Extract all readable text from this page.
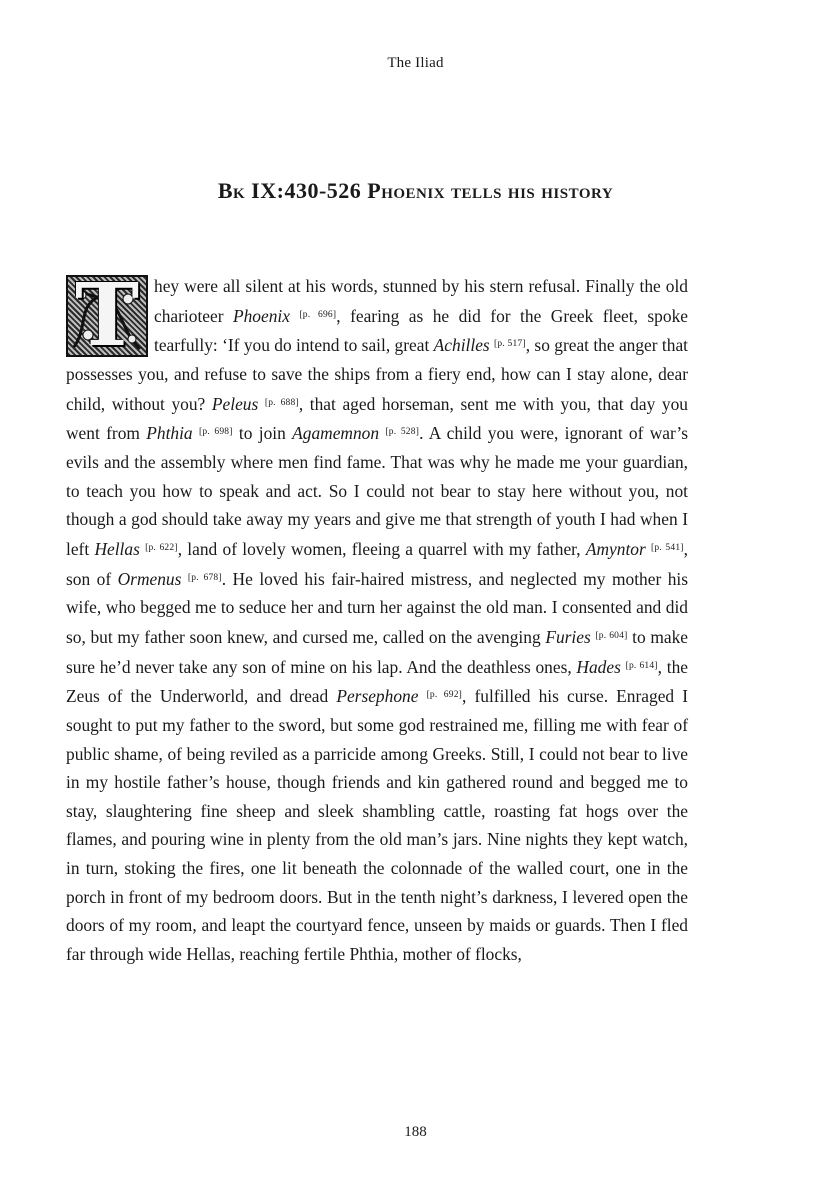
The Iliad
Bk IX:430-526 Phoenix tells his history

T hey were all silent at his words, stunned by his stern refusal. Finally the old charioteer Phoenix [p. 696], fearing as he did for the Greek fleet, spoke tearfully: ‘If you do intend to sail, great Achilles [p. 517], so great the anger that possesses you, and refuse to save the ships from a fiery end, how can I stay alone, dear child, without you? Peleus [p. 688], that aged horseman, sent me with you, that day you went from Phthia [p. 698] to join Agamemnon [p. 528]. A child you were, ignorant of war’s evils and the assembly where men find fame. That was why he made me your guardian, to teach you how to speak and act. So I could not bear to stay here without you, not though a god should take away my years and give me that strength of youth I had when I left Hellas [p. 622], land of lovely women, fleeing a quarrel with my father, Amyntor [p. 541], son of Ormenus [p. 678]. He loved his fair-haired mistress, and neglected my mother his wife, who begged me to seduce her and turn her against the old man. I consented and did so, but my father soon knew, and cursed me, called on the avenging Furies [p. 604] to make sure he’d never take any son of mine on his lap. And the deathless ones, Hades [p. 614], the Zeus of the Underworld, and dread Persephone [p. 692], fulfilled his curse. Enraged I sought to put my father to the sword, but some god restrained me, filling me with fear of public shame, of being reviled as a parricide among Greeks. Still, I could not bear to live in my hostile father’s house, though friends and kin gathered round and begged me to stay, slaughtering fine sheep and sleek shambling cattle, roasting fat hogs over the flames, and pouring wine in plenty from the old man’s jars. Nine nights they kept watch, in turn, stoking the fires, one lit beneath the colonnade of the walled court, one in the porch in front of my bedroom doors. But in the tenth night’s darkness, I levered open the doors of my room, and leapt the courtyard fence, unseen by maids or guards. Then I fled far through wide Hellas, reaching fertile Phthia, mother of flocks,

188
